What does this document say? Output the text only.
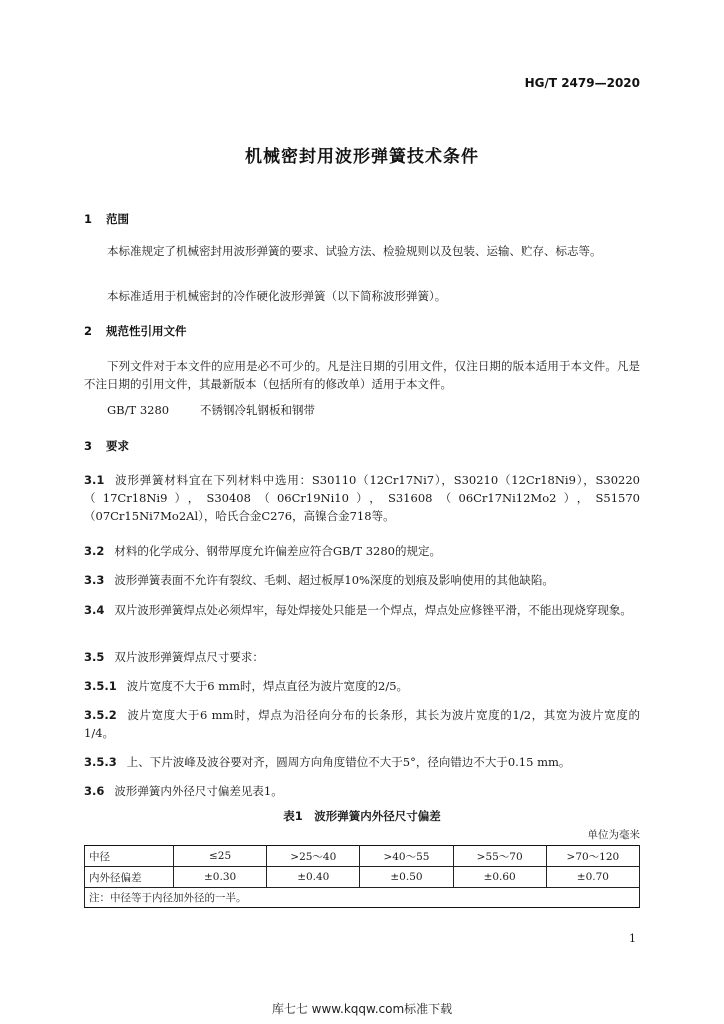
HG/T 2479—2020
机械密封用波形弹簧技术条件
1 范围
本标准规定了机械密封用波形弹簧的要求、试验方法、检验规则以及包装、运输、贮存、标志等。
本标准适用于机械密封的冷作硬化波形弹簧（以下简称波形弹簧）。
2 规范性引用文件
下列文件对于本文件的应用是必不可少的。凡是注日期的引用文件，仅注日期的版本适用于本文件。凡是不注日期的引用文件，其最新版本（包括所有的修改单）适用于本文件。
GB/T 3280	不锈钢冷轧钢板和钢带
3 要求
3.1 波形弹簧材料宜在下列材料中选用：S30110（12Cr17Ni7），S30210（12Cr18Ni9），S30220（17Cr18Ni9），S30408（06Cr19Ni10），S31608（06Cr17Ni12Mo2），S51570（07Cr15Ni7Mo2Al），哈氏合金C276，高镍合金718等。
3.2 材料的化学成分、钢带厚度允许偏差应符合GB/T 3280的规定。
3.3 波形弹簧表面不允许有裂纹、毛刺、超过板厚10%深度的划痕及影响使用的其他缺陷。
3.4 双片波形弹簧焊点处必须焊牢，每处焊接处只能是一个焊点，焊点处应修锉平滑，不能出现烧穿现象。
3.5 双片波形弹簧焊点尺寸要求：
3.5.1 波片宽度不大于6 mm时，焊点直径为波片宽度的2/5。
3.5.2 波片宽度大于6 mm时，焊点为沿径向分布的长条形，其长为波片宽度的1/2，其宽为波片宽度的1/4。
3.5.3 上、下片波峰及波谷要对齐，圆周方向角度错位不大于5°，径向错边不大于0.15 mm。
3.6 波形弹簧内外径尺寸偏差见表1。
表1　波形弹簧内外径尺寸偏差
单位为毫米
中径	≤25	>25～40	>40～55	>55～70	>70～120
内外径偏差	±0.30	±0.40	±0.50	±0.60	±0.70
注：中径等于内径加外径的一半。					
1
库七七 www.kqqw.com标准下载
